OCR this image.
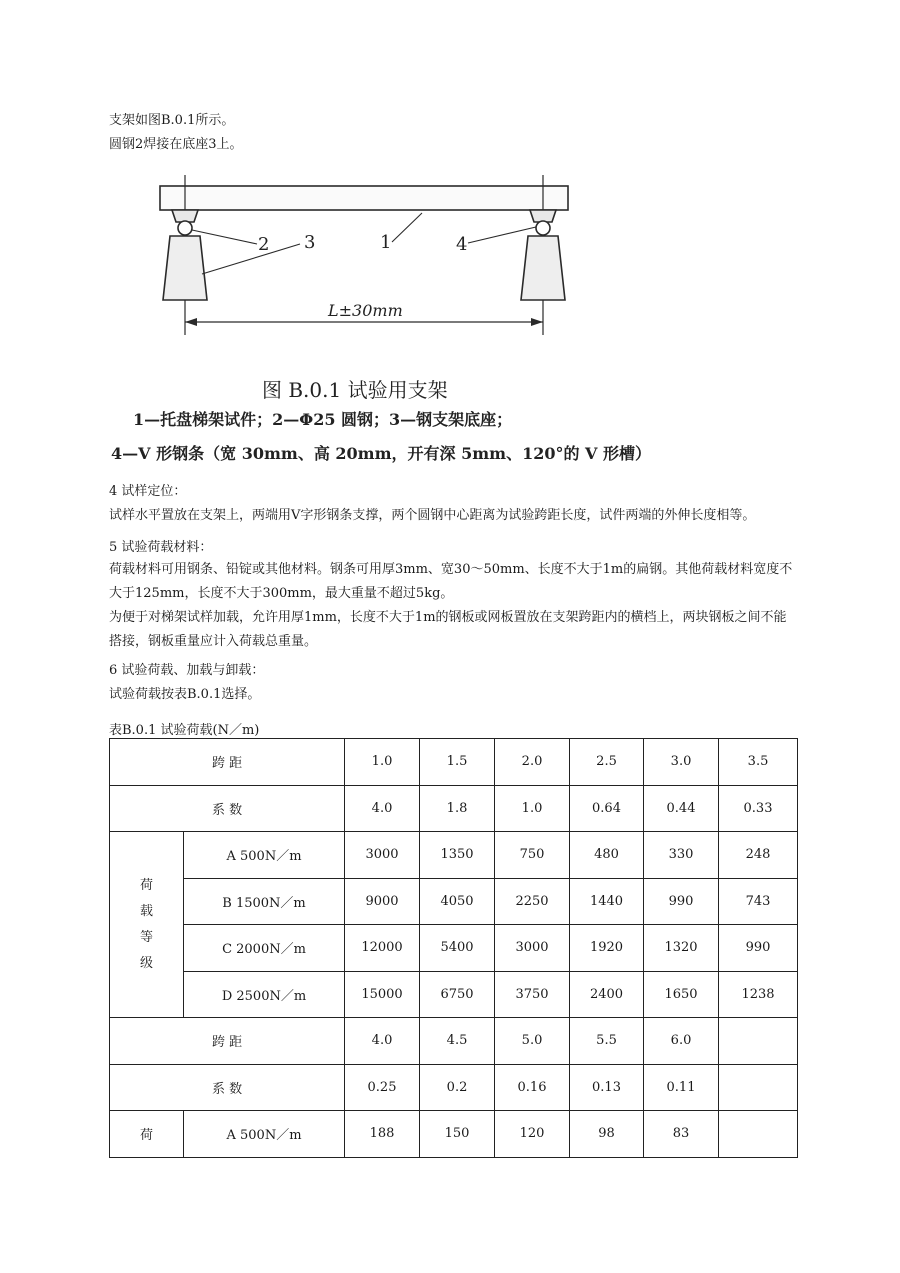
支架如图B.0.1所示。
圆钢2焊接在底座3上。
2 3	1	4
L±30mm
图 B.0.1 试验用支架
1—托盘梯架试件；2—Φ25 圆钢；3—钢支架底座；
4—V 形钢条（宽 30mm、高 20mm，开有深 5mm、120°的 V 形槽）
4 试样定位：
试样水平置放在支架上，两端用V字形钢条支撑，两个圆钢中心距离为试验跨距长度，试件两端的外伸长度相等。
5 试验荷载材料：
荷载材料可用钢条、铅锭或其他材料。钢条可用厚3mm、宽30～50mm、长度不大于1m的扁钢。其他荷载材料宽度不大于125mm，长度不大于300mm，最大重量不超过5kg。
为便于对梯架试样加载，允许用厚1mm，长度不大于1m的钢板或网板置放在支架跨距内的横档上，两块钢板之间不能搭接，钢板重量应计入荷载总重量。
6 试验荷载、加载与卸载：
试验荷载按表B.0.1选择。
表B.0.1 试验荷载(N／m)
跨 距		1.0	1.5	2.0	2.5	3.0	3.5
系 数		4.0	1.8	1.0	0.64	0.44	0.33

荷
载
等
级	A 500N／m	3000	1350	750	480	330	248
	B 1500N／m	9000	4050	2250	1440	990	743
	C 2000N／m	12000	5400	3000	1920	1320	990
	D 2500N／m	15000	6750	3750	2400	1650	1238
跨 距		4.0	4.5	5.0	5.5	6.0	
系 数		0.25	0.2	0.16	0.13	0.11	
荷	A 500N／m	188	150	120	98	83	
